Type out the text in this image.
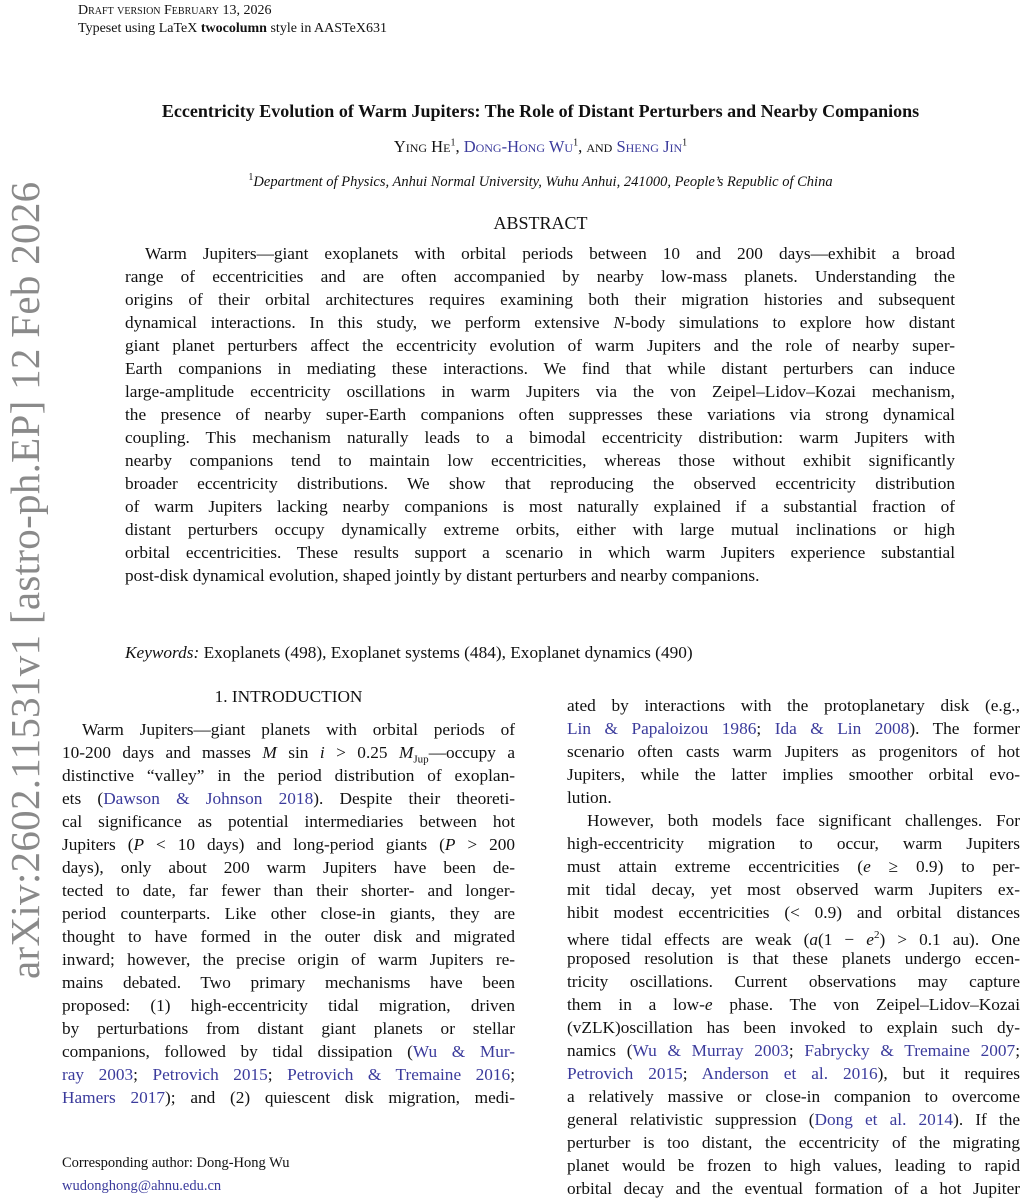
Draft version February 13, 2026
Typeset using LaTeX twocolumn style in AASTeX631
arXiv:2602.11531v1 [astro-ph.EP] 12 Feb 2026
Eccentricity Evolution of Warm Jupiters: The Role of Distant Perturbers and Nearby Companions
Ying He$^1$, Dong-Hong Wu$^1$, and Sheng Jin$^1$
$^1$Department of Physics, Anhui Normal University, Wuhu Anhui, 241000, People’s Republic of China
ABSTRACT
Warm Jupiters—giant exoplanets with orbital periods between 10 and 200 days—exhibit a broad
range of eccentricities and are often accompanied by nearby low-mass planets. Understanding the
origins of their orbital architectures requires examining both their migration histories and subsequent
dynamical interactions. In this study, we perform extensive N-body simulations to explore how distant
giant planet perturbers affect the eccentricity evolution of warm Jupiters and the role of nearby super-
Earth companions in mediating these interactions. We find that while distant perturbers can induce
large-amplitude eccentricity oscillations in warm Jupiters via the von Zeipel–Lidov–Kozai mechanism,
the presence of nearby super-Earth companions often suppresses these variations via strong dynamical
coupling. This mechanism naturally leads to a bimodal eccentricity distribution: warm Jupiters with
nearby companions tend to maintain low eccentricities, whereas those without exhibit significantly
broader eccentricity distributions. We show that reproducing the observed eccentricity distribution
of warm Jupiters lacking nearby companions is most naturally explained if a substantial fraction of
distant perturbers occupy dynamically extreme orbits, either with large mutual inclinations or high
orbital eccentricities. These results support a scenario in which warm Jupiters experience substantial
post-disk dynamical evolution, shaped jointly by distant perturbers and nearby companions.
Keywords: Exoplanets (498), Exoplanet systems (484), Exoplanet dynamics (490)
1. INTRODUCTION
Warm Jupiters—giant planets with orbital periods of
10-200 days and masses M sin i > 0.25 $M_{Jup}—occupy$ a
distinctive “valley” in the period distribution of exoplan-
ets (Dawson & Johnson 2018). Despite their theoreti-
cal significance as potential intermediaries between hot
Jupiters (P < 10 days) and long-period giants (P > 200
days), only about 200 warm Jupiters have been de-
tected to date, far fewer than their shorter- and longer-
period counterparts. Like other close-in giants, they are
thought to have formed in the outer disk and migrated
inward; however, the precise origin of warm Jupiters re-
mains debated. Two primary mechanisms have been
proposed: (1) high-eccentricity tidal migration, driven
by perturbations from distant giant planets or stellar
companions, followed by tidal dissipation (Wu & Mur-
ray 2003; Petrovich 2015; Petrovich & Tremaine 2016;
Hamers 2017); and (2) quiescent disk migration, medi-
ated by interactions with the protoplanetary disk (e.g.,
Lin & Papaloizou 1986; Ida & Lin 2008). The former
scenario often casts warm Jupiters as progenitors of hot
Jupiters, while the latter implies smoother orbital evo-
lution.
However, both models face significant challenges. For
high-eccentricity migration to occur, warm Jupiters
must attain extreme eccentricities (e ≥ 0.9) to per-
mit tidal decay, yet most observed warm Jupiters ex-
hibit modest eccentricities (< 0.9) and orbital distances
where tidal effects are weak ($a(1 - e^2) > 0.1$ au). One
proposed resolution is that these planets undergo eccen-
tricity oscillations. Current observations may capture
them in a low-e phase. The von Zeipel–Lidov–Kozai
(vZLK)oscillation has been invoked to explain such dy-
namics (Wu & Murray 2003; Fabrycky & Tremaine 2007;
Petrovich 2015; Anderson et al. 2016), but it requires
a relatively massive or close-in companion to overcome
general relativistic suppression (Dong et al. 2014). If the
perturber is too distant, the eccentricity of the migrating
planet would be frozen to high values, leading to rapid
orbital decay and the eventual formation of a hot Jupiter
Corresponding author: Dong-Hong Wu
wudonghong@ahnu.edu.cn
